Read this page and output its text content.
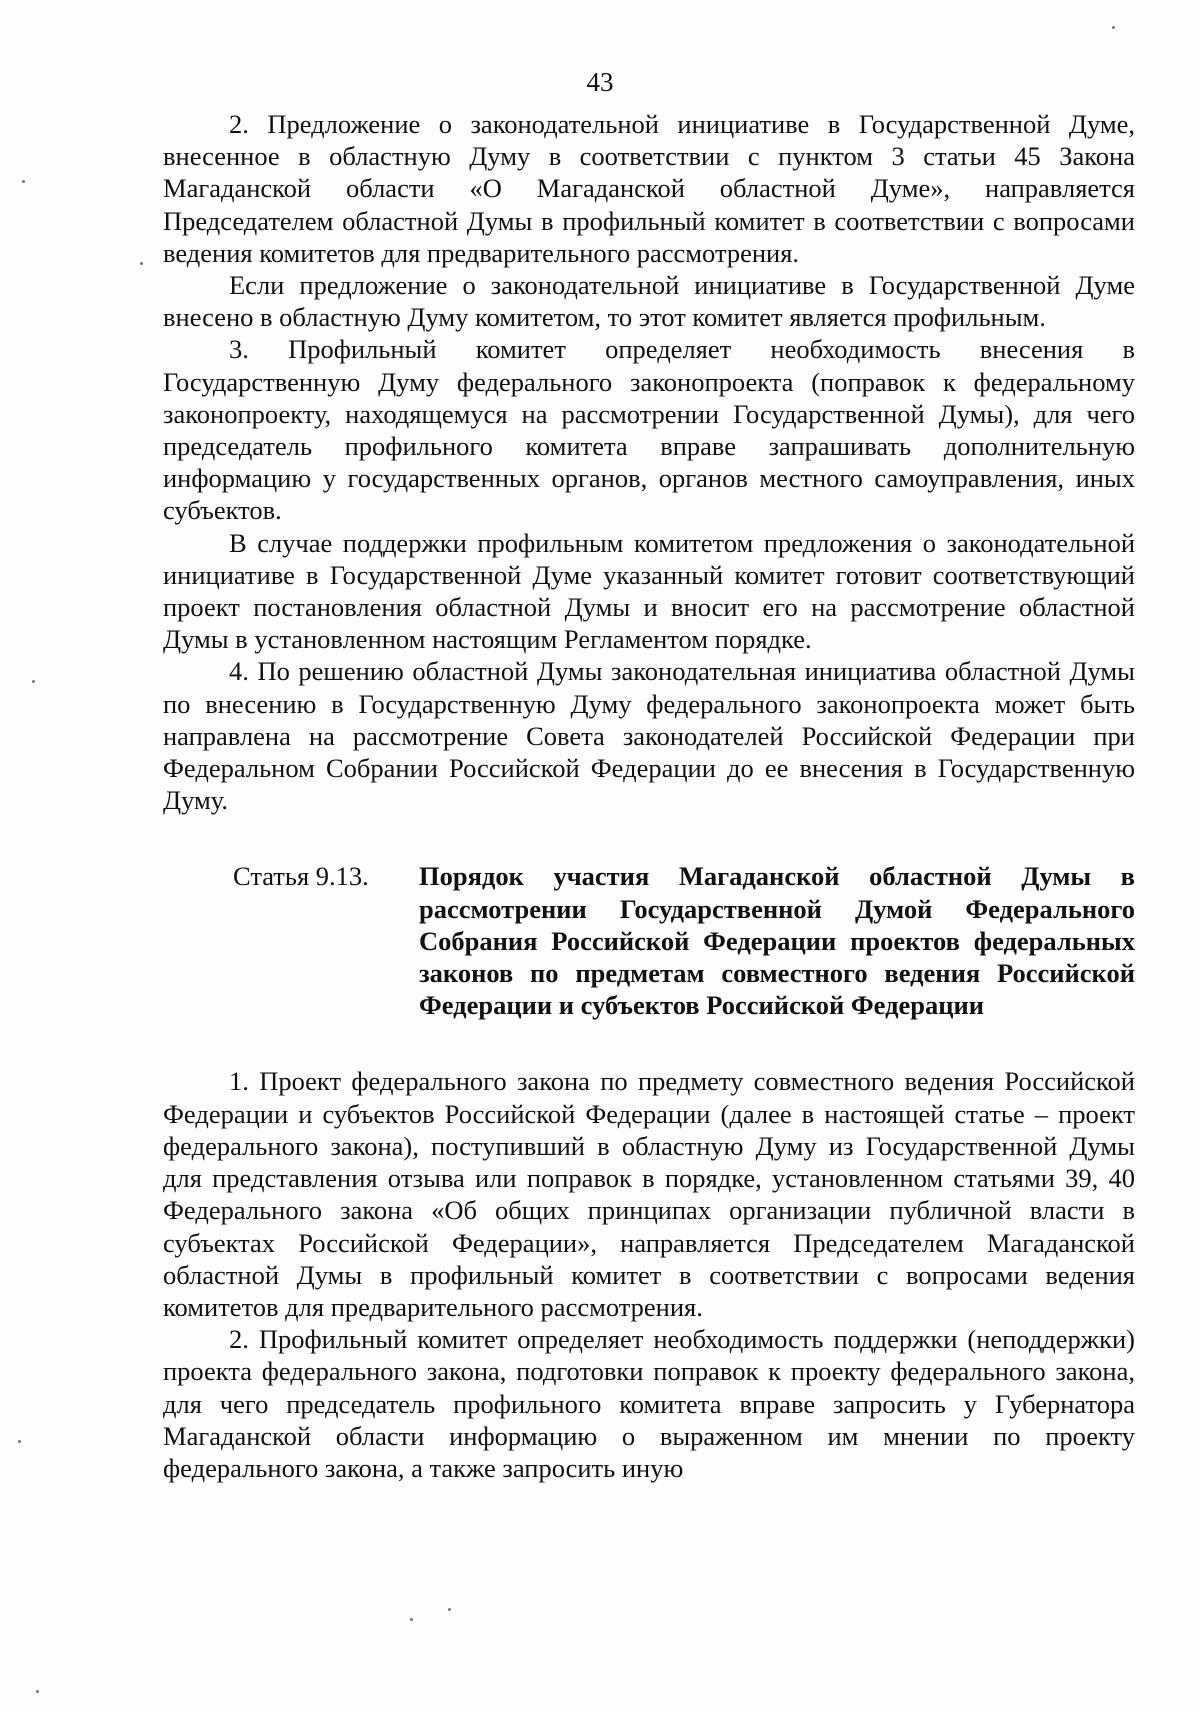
43

2. Предложение о законодательной инициативе в Государственной Думе, внесенное в областную Думу в соответствии с пунктом 3 статьи 45 Закона Магаданской области «О Магаданской областной Думе», направляется Председателем областной Думы в профильный комитет в соответствии с вопросами ведения комитетов для предварительного рассмотрения.

Если предложение о законодательной инициативе в Государственной Думе внесено в областную Думу комитетом, то этот комитет является профильным.

3. Профильный комитет определяет необходимость внесения в Государственную Думу федерального законопроекта (поправок к федеральному законопроекту, находящемуся на рассмотрении Государственной Думы), для чего председатель профильного комитета вправе запрашивать дополнительную информацию у государственных органов, органов местного самоуправления, иных субъектов.

В случае поддержки профильным комитетом предложения о законодательной инициативе в Государственной Думе указанный комитет готовит соответствующий проект постановления областной Думы и вносит его на рассмотрение областной Думы в установленном настоящим Регламентом порядке.

4. По решению областной Думы законодательная инициатива областной Думы по внесению в Государственную Думу федерального законопроекта может быть направлена на рассмотрение Совета законодателей Российской Федерации при Федеральном Собрании Российской Федерации до ее внесения в Государственную Думу.

Статья 9.13. Порядок участия Магаданской областной Думы в рассмотрении Государственной Думой Федерального Собрания Российской Федерации проектов федеральных законов по предметам совместного ведения Российской Федерации и субъектов Российской Федерации

1. Проект федерального закона по предмету совместного ведения Российской Федерации и субъектов Российской Федерации (далее в настоящей статье – проект федерального закона), поступивший в областную Думу из Государственной Думы для представления отзыва или поправок в порядке, установленном статьями 39, 40 Федерального закона «Об общих принципах организации публичной власти в субъектах Российской Федерации», направляется Председателем Магаданской областной Думы в профильный комитет в соответствии с вопросами ведения комитетов для предварительного рассмотрения.

2. Профильный комитет определяет необходимость поддержки (неподдержки) проекта федерального закона, подготовки поправок к проекту федерального закона, для чего председатель профильного комитета вправе запросить у Губернатора Магаданской области информацию о выраженном им мнении по проекту федерального закона, а также запросить иную
